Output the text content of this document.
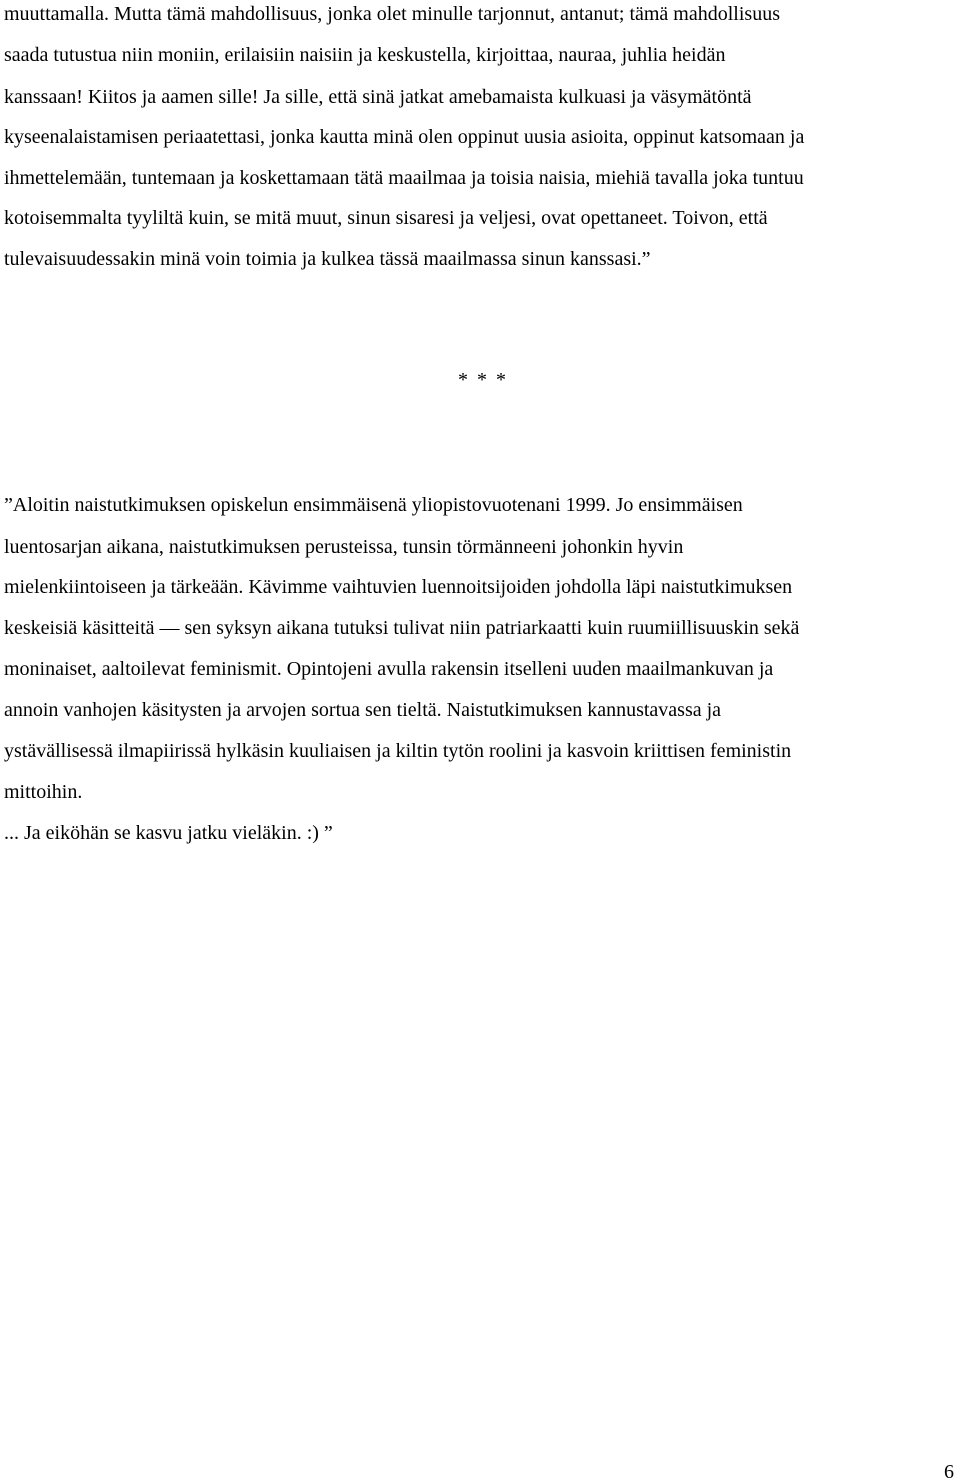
muuttamalla. Mutta tämä mahdollisuus, jonka olet minulle tarjonnut, antanut; tämä mahdollisuus
saada tutustua niin moniin, erilaisiin naisiin ja keskustella, kirjoittaa, nauraa, juhlia heidän
kanssaan! Kiitos ja aamen sille! Ja sille, että sinä jatkat amebamaista kulkuasi ja väsymätöntä
kyseenalaistamisen periaatettasi, jonka kautta minä olen oppinut uusia asioita, oppinut katsomaan ja
ihmettelemään, tuntemaan ja koskettamaan tätä maailmaa ja toisia naisia, miehiä tavalla joka tuntuu
kotoisemmalta tyyliltä kuin, se mitä muut, sinun sisaresi ja veljesi, ovat opettaneet. Toivon, että
tulevaisuudessakin minä voin toimia ja kulkea tässä maailmassa sinun kanssasi.”
* * *
”Aloitin naistutkimuksen opiskelun ensimmäisenä yliopistovuotenani 1999. Jo ensimmäisen
luentosarjan aikana, naistutkimuksen perusteissa, tunsin törmänneeni johonkin hyvin
mielenkiintoiseen ja tärkeään. Kävimme vaihtuvien luennoitsijoiden johdolla läpi naistutkimuksen
keskeisiä käsitteitä — sen syksyn aikana tutuksi tulivat niin patriarkaatti kuin ruumiillisuuskin sekä
moninaiset, aaltoilevat feminismit. Opintojeni avulla rakensin itselleni uuden maailmankuvan ja
annoin vanhojen käsitysten ja arvojen sortua sen tieltä. Naistutkimuksen kannustavassa ja
ystävällisessä ilmapiirissä hylkäsin kuuliaisen ja kiltin tytön roolini ja kasvoin kriittisen feministin
mittoihin.
... Ja eiköhän se kasvu jatku vieläkin. :) ”
6
